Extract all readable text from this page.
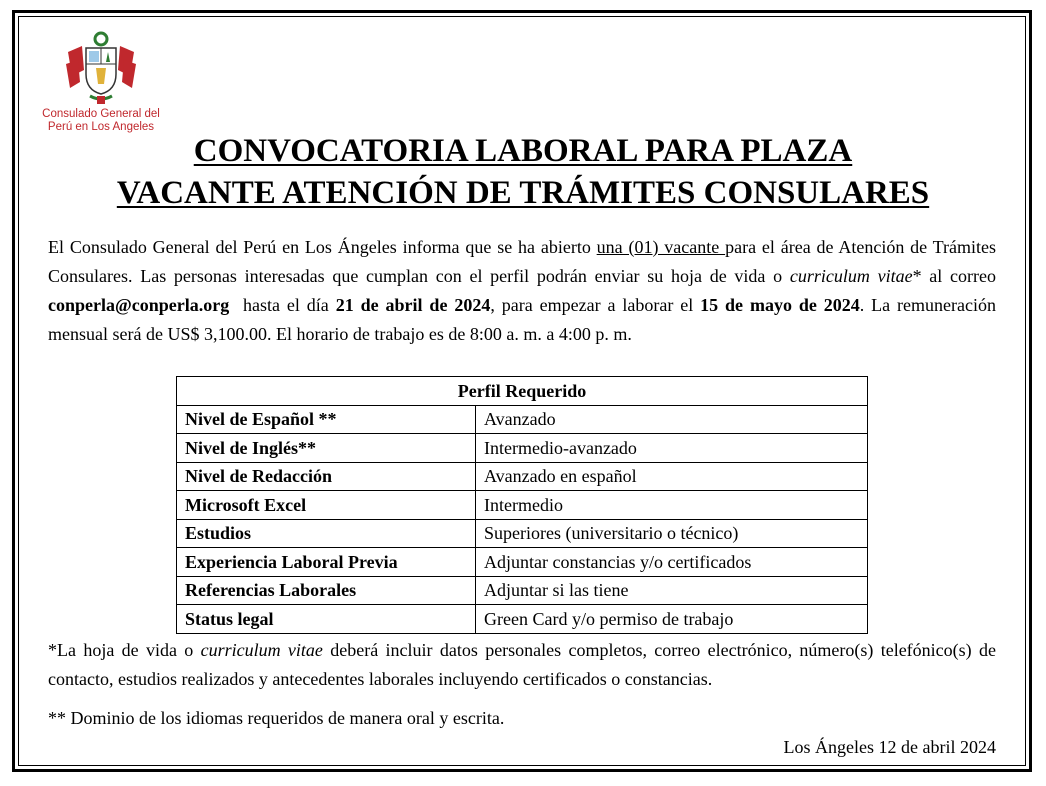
Consulado General del
Perú en Los Angeles
CONVOCATORIA LABORAL PARA PLAZA
VACANTE ATENCIÓN DE TRÁMITES CONSULARES

El Consulado General del Perú en Los Ángeles informa que se ha abierto una (01) vacante para el área de Atención de Trámites Consulares. Las personas interesadas que cumplan con el perfil podrán enviar su hoja de vida o curriculum vitae* al correo conperla@conperla.org  hasta el día 21 de abril de 2024, para empezar a laborar el 15 de mayo de 2024. La remuneración mensual será de US$ 3,100.00. El horario de trabajo es de 8:00 a. m. a 4:00 p. m.

Perfil Requerido	
Nivel de Español **	Avanzado
Nivel de Inglés**	Intermedio-avanzado
Nivel de Redacción	Avanzado en español
Microsoft Excel	Intermedio
Estudios	Superiores (universitario o técnico)
Experiencia Laboral Previa	Adjuntar constancias y/o certificados
Referencias Laborales	Adjuntar si las tiene
Status legal	Green Card y/o permiso de trabajo

*La hoja de vida o curriculum vitae deberá incluir datos personales completos, correo electrónico, número(s) telefónico(s) de contacto, estudios realizados y antecedentes laborales incluyendo certificados o constancias.

** Dominio de los idiomas requeridos de manera oral y escrita.

Los Ángeles 12 de abril 2024
